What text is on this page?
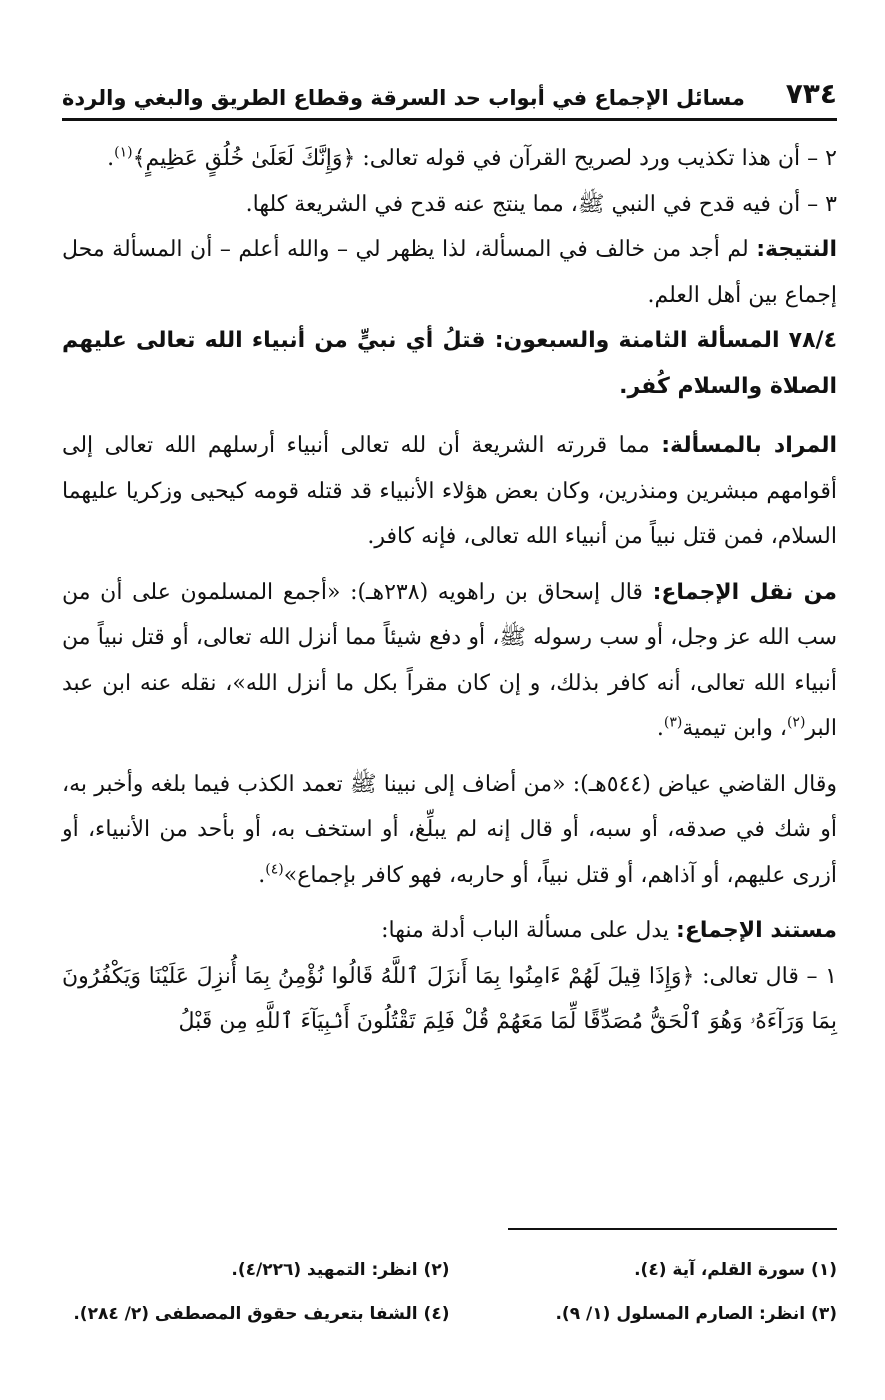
٧٣٤
مسائل الإجماع في أبواب حد السرقة وقطاع الطريق والبغي والردة

٢ – أن هذا تكذيب ورد لصريح القرآن في قوله تعالى: ﴿وَإِنَّكَ لَعَلَىٰ خُلُقٍ عَظِيمٍ﴾$^{(١)}$.

٣ – أن فيه قدح في النبي ﷺ، مما ينتج عنه قدح في الشريعة كلها.

النتيجة: لم أجد من خالف في المسألة، لذا يظهر لي – والله أعلم – أن المسألة محل إجماع بين أهل العلم.

٧٨/٤ المسألة الثامنة والسبعون: قتلُ أي نبيٍّ من أنبياء الله تعالى عليهم الصلاة والسلام كُفر.

المراد بالمسألة: مما قررته الشريعة أن لله تعالى أنبياء أرسلهم الله تعالى إلى أقوامهم مبشرين ومنذرين، وكان بعض هؤلاء الأنبياء قد قتله قومه كيحيى وزكريا عليهما السلام، فمن قتل نبياً من أنبياء الله تعالى، فإنه كافر.

من نقل الإجماع: قال إسحاق بن راهويه (٢٣٨هـ): «أجمع المسلمون على أن من سب الله عز وجل، أو سب رسوله ﷺ، أو دفع شيئاً مما أنزل الله تعالى، أو قتل نبياً من أنبياء الله تعالى، أنه كافر بذلك، و إن كان مقراً بكل ما أنزل الله»، نقله عنه ابن عبد البر$^{(٢)}$، وابن تيمية$^{(٣)}$.

وقال القاضي عياض (٥٤٤هـ): «من أضاف إلى نبينا ﷺ تعمد الكذب فيما بلغه وأخبر به، أو شك في صدقه، أو سبه، أو قال إنه لم يبلِّغ، أو استخف به، أو بأحد من الأنبياء، أو أزرى عليهم، أو آذاهم، أو قتل نبياً، أو حاربه، فهو كافر بإجماع»$^{(٤)}$.

مستند الإجماع: يدل على مسألة الباب أدلة منها:

١ – قال تعالى: ﴿وَإِذَا قِيلَ لَهُمْ ءَامِنُوا بِمَا أَنزَلَ ٱللَّهُ قَالُوا نُؤْمِنُ بِمَا أُنزِلَ عَلَيْنَا وَيَكْفُرُونَ بِمَا وَرَآءَهُۥ وَهُوَ ٱلْحَقُّ مُصَدِّقًا لِّمَا مَعَهُمْ قُلْ فَلِمَ تَقْتُلُونَ أَنۢبِيَآءَ ٱللَّهِ مِن قَبْلُ

(١) سورة القلم، آية (٤).
(٢) انظر: التمهيد (٤/٢٢٦).
(٣) انظر: الصارم المسلول (١/ ٩).
(٤) الشفا بتعريف حقوق المصطفى (٢/ ٢٨٤).
